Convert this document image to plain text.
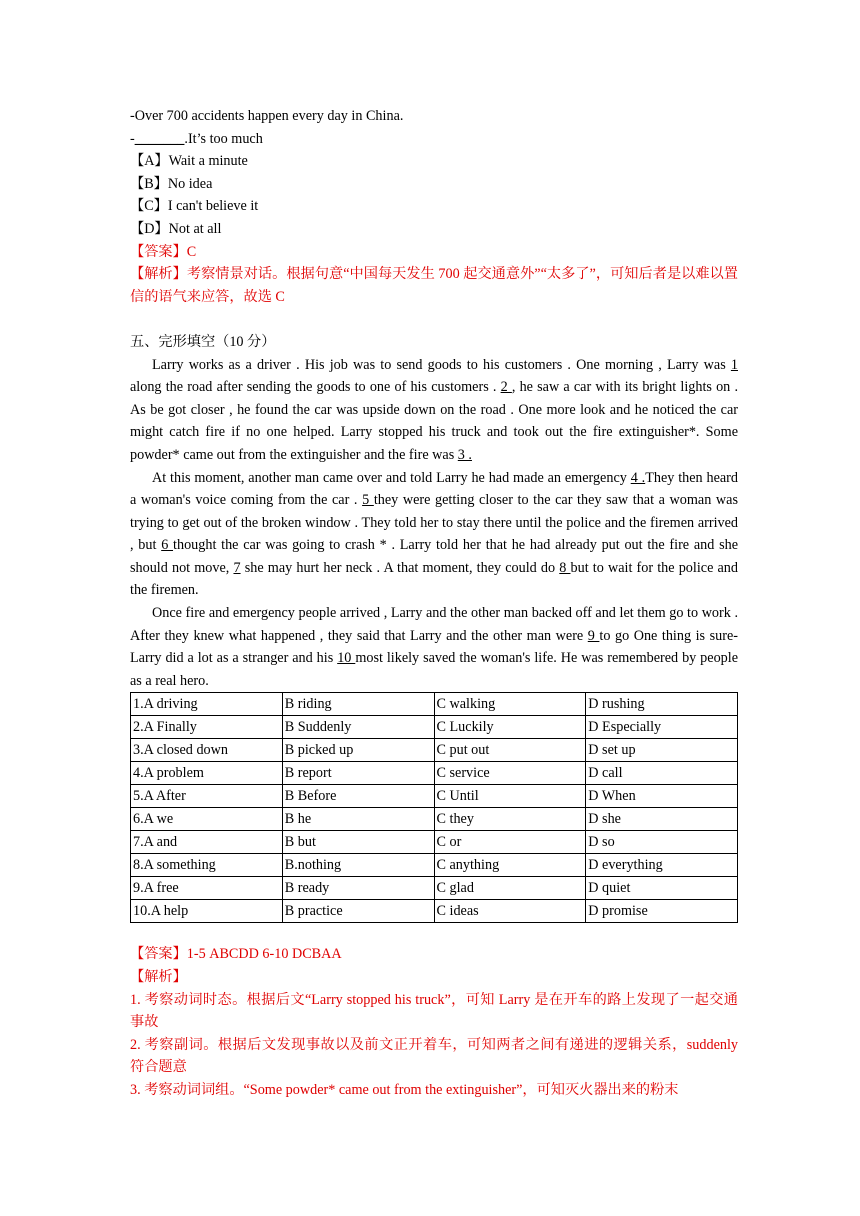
-Over 700 accidents happen every day in China.
-_______.It’s too much
【A】Wait a minute
【B】No idea
【C】I can't believe it
【D】Not at all
【答案】C
【解析】考察情景对话。根据句意“中国每天发生 700 起交通意外”“太多了”，可知后者是以难以置信的语气来应答，故选 C
五、完形填空（10 分）
Larry works as a driver . His job was to send goods to his customers . One morning , Larry was 1 along the road after sending the goods to one of his customers . 2 , he saw a car with its bright lights on . As be got closer , he found the car was upside down on the road . One more look and he noticed the car might catch fire if no one helped. Larry stopped his truck and took out the fire extinguisher*. Some powder* came out from the extinguisher and the fire was 3 .
At this moment, another man came over and told Larry he had made an emergency 4 .They then heard a woman's voice coming from the car . 5 they were getting closer to the car they saw that a woman was trying to get out of the broken window . They told her to stay there until the police and the firemen arrived , but 6 thought the car was going to crash * . Larry told her that he had already put out the fire and she should not move, 7 she may hurt her neck . A that moment, they could do 8 but to wait for the police and the firemen.
Once fire and emergency people arrived , Larry and the other man backed off and let them go to work . After they knew what happened , they said that Larry and the other man were 9 to go One thing is sure-Larry did a lot as a stranger and his 10 most likely saved the woman's life. He was remembered by people as a real hero.
1.A driving	B riding	C walking	D rushing
2.A Finally	B Suddenly	C Luckily	D Especially
3.A closed down	B picked up	C put out	D set up
4.A problem	B report	C service	D call
5.A After	B Before	C Until	D When
6.A we	B he	C they	D she
7.A and	B but	C or	D so
8.A something	B.nothing	C anything	D everything
9.A free	B ready	C glad	D quiet
10.A help	B practice	C ideas	D promise
【答案】1-5 ABCDD 6-10 DCBAA
【解析】
1. 考察动词时态。根据后文“Larry stopped his truck”，可知 Larry 是在开车的路上发现了一起交通事故
2. 考察副词。根据后文发现事故以及前文正开着车，可知两者之间有递进的逻辑关系，suddenly 符合题意
3. 考察动词词组。“Some powder* came out from the extinguisher”，可知灭火器出来的粉末
